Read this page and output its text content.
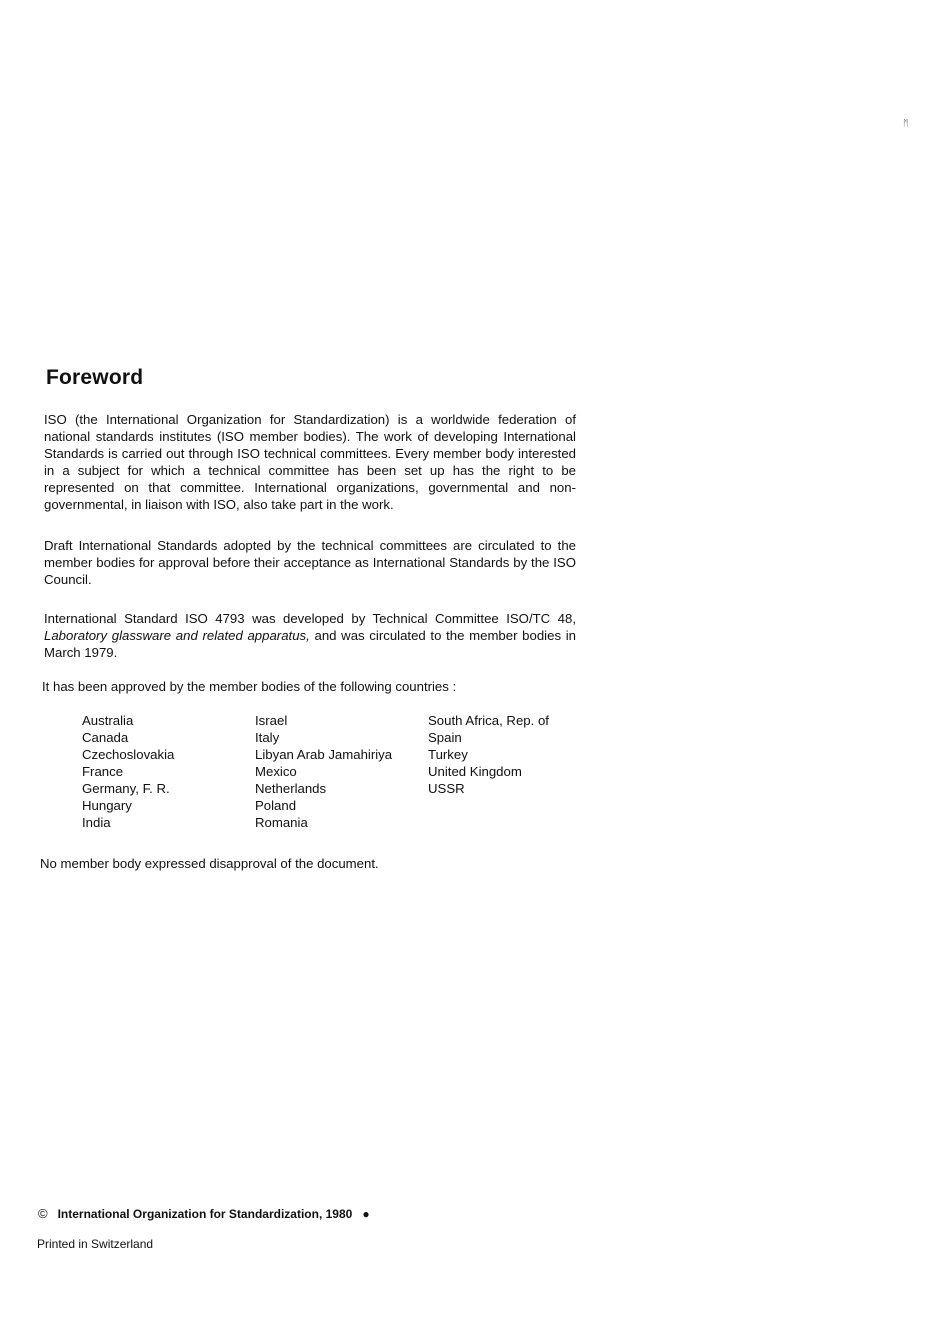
ᛗ
Foreword

ISO (the International Organization for Standardization) is a worldwide federation of national standards institutes (ISO member bodies). The work of developing International Standards is carried out through ISO technical committees. Every member body interested in a subject for which a technical committee has been set up has the right to be represented on that committee. International organizations, governmental and non-governmental, in liaison with ISO, also take part in the work.

Draft International Standards adopted by the technical committees are circulated to the member bodies for approval before their acceptance as International Standards by the ISO Council.

International Standard ISO 4793 was developed by Technical Committee ISO/TC 48, Laboratory glassware and related apparatus, and was circulated to the member bodies in March 1979.

It has been approved by the member bodies of the following countries :

Australia
Canada
Czechoslovakia
France
Germany, F. R.
Hungary
India
Israel
Italy
Libyan Arab Jamahiriya
Mexico
Netherlands
Poland
Romania
South Africa, Rep. of
Spain
Turkey
United Kingdom
USSR

No member body expressed disapproval of the document.

© International Organization for Standardization, 1980 ●
Printed in Switzerland
